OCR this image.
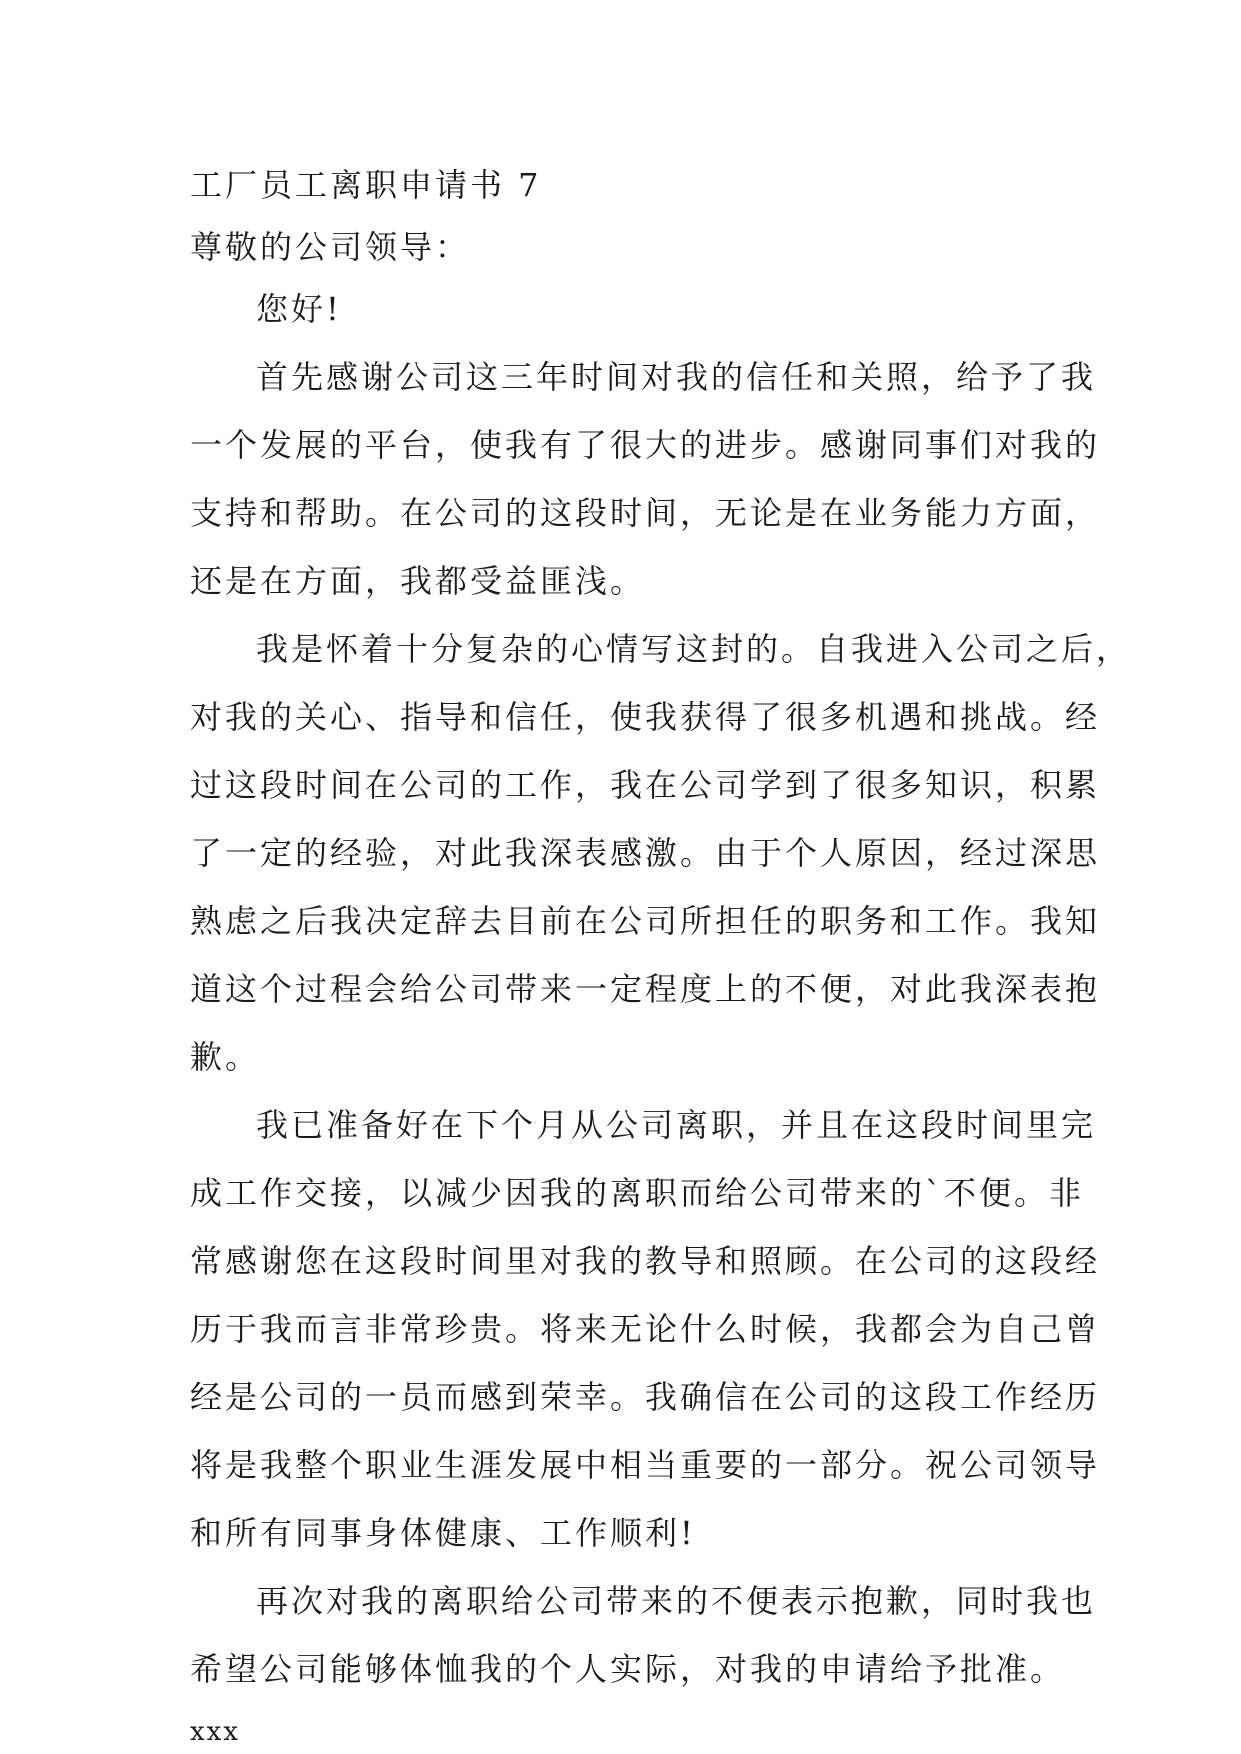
工厂员工离职申请书 7
尊敬的公司领导：
您好!
首先感谢公司这三年时间对我的信任和关照，给予了我
一个发展的平台，使我有了很大的进步。感谢同事们对我的
支持和帮助。在公司的这段时间，无论是在业务能力方面，
还是在方面，我都受益匪浅。
我是怀着十分复杂的心情写这封的。自我进入公司之后，
对我的关心、指导和信任，使我获得了很多机遇和挑战。经
过这段时间在公司的工作，我在公司学到了很多知识，积累
了一定的经验，对此我深表感激。由于个人原因，经过深思
熟虑之后我决定辞去目前在公司所担任的职务和工作。我知
道这个过程会给公司带来一定程度上的不便，对此我深表抱
歉。
我已准备好在下个月从公司离职，并且在这段时间里完
成工作交接，以减少因我的离职而给公司带来的`不便。非
常感谢您在这段时间里对我的教导和照顾。在公司的这段经
历于我而言非常珍贵。将来无论什么时候，我都会为自己曾
经是公司的一员而感到荣幸。我确信在公司的这段工作经历
将是我整个职业生涯发展中相当重要的一部分。祝公司领导
和所有同事身体健康、工作顺利!
再次对我的离职给公司带来的不便表示抱歉，同时我也
希望公司能够体恤我的个人实际，对我的申请给予批准。
xxx
